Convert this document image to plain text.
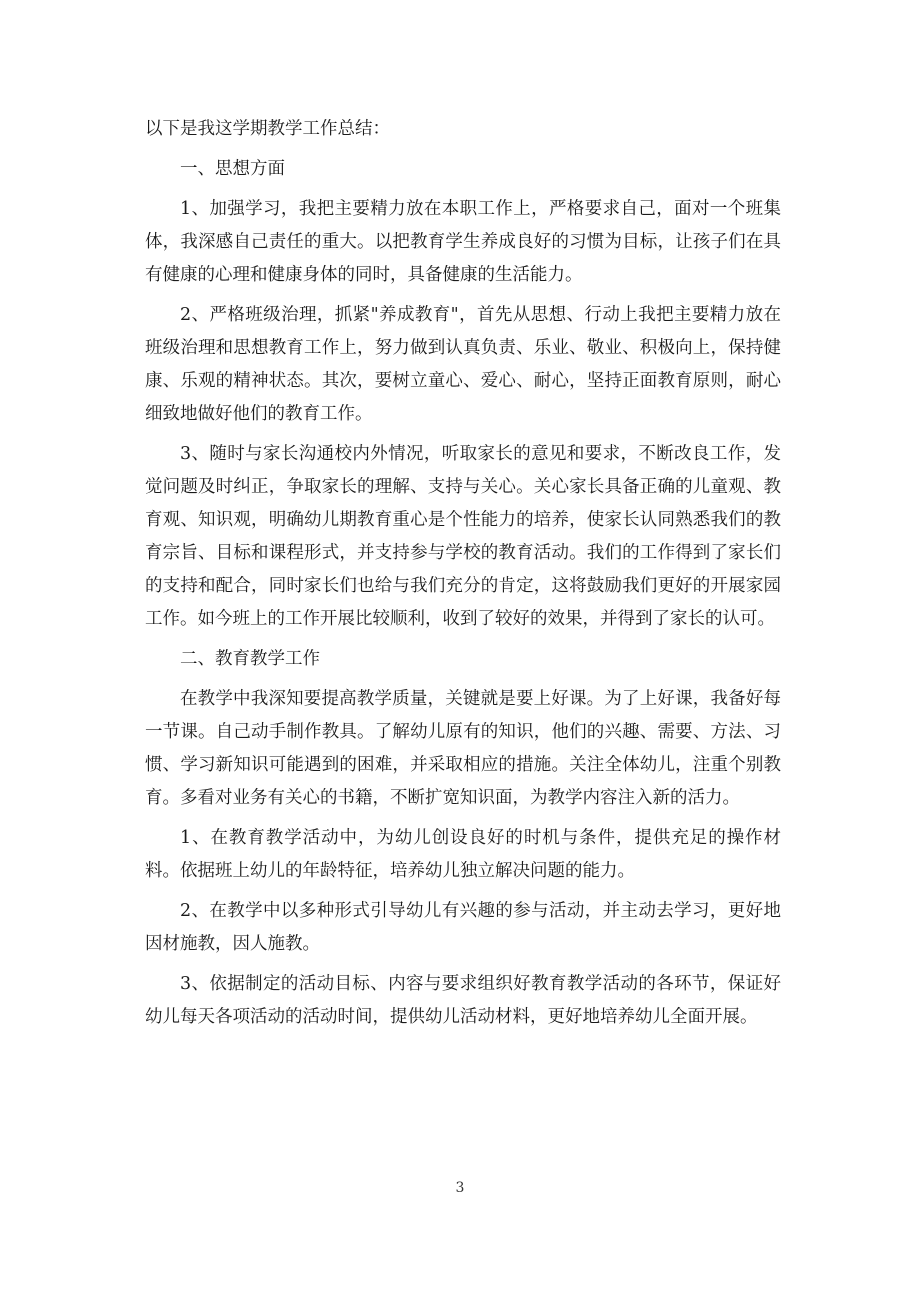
以下是我这学期教学工作总结：

一、思想方面

1、加强学习，我把主要精力放在本职工作上，严格要求自己，面对一个班集体，我深感自己责任的重大。以把教育学生养成良好的习惯为目标，让孩子们在具有健康的心理和健康身体的同时，具备健康的生活能力。

2、严格班级治理，抓紧"养成教育"，首先从思想、行动上我把主要精力放在班级治理和思想教育工作上，努力做到认真负责、乐业、敬业、积极向上，保持健康、乐观的精神状态。其次，要树立童心、爱心、耐心，坚持正面教育原则，耐心细致地做好他们的教育工作。

3、随时与家长沟通校内外情况，听取家长的意见和要求，不断改良工作，发觉问题及时纠正，争取家长的理解、支持与关心。关心家长具备正确的儿童观、教育观、知识观，明确幼儿期教育重心是个性能力的培养，使家长认同熟悉我们的教育宗旨、目标和课程形式，并支持参与学校的教育活动。我们的工作得到了家长们的支持和配合，同时家长们也给与我们充分的肯定，这将鼓励我们更好的开展家园工作。如今班上的工作开展比较顺利，收到了较好的效果，并得到了家长的认可。

二、教育教学工作

在教学中我深知要提高教学质量，关键就是要上好课。为了上好课，我备好每一节课。自己动手制作教具。了解幼儿原有的知识，他们的兴趣、需要、方法、习惯、学习新知识可能遇到的困难，并采取相应的措施。关注全体幼儿，注重个别教育。多看对业务有关心的书籍，不断扩宽知识面，为教学内容注入新的活力。

1、在教育教学活动中，为幼儿创设良好的时机与条件，提供充足的操作材料。依据班上幼儿的年龄特征，培养幼儿独立解决问题的能力。

2、在教学中以多种形式引导幼儿有兴趣的参与活动，并主动去学习，更好地因材施教，因人施教。

3、依据制定的活动目标、内容与要求组织好教育教学活动的各环节，保证好幼儿每天各项活动的活动时间，提供幼儿活动材料，更好地培养幼儿全面开展。

3
